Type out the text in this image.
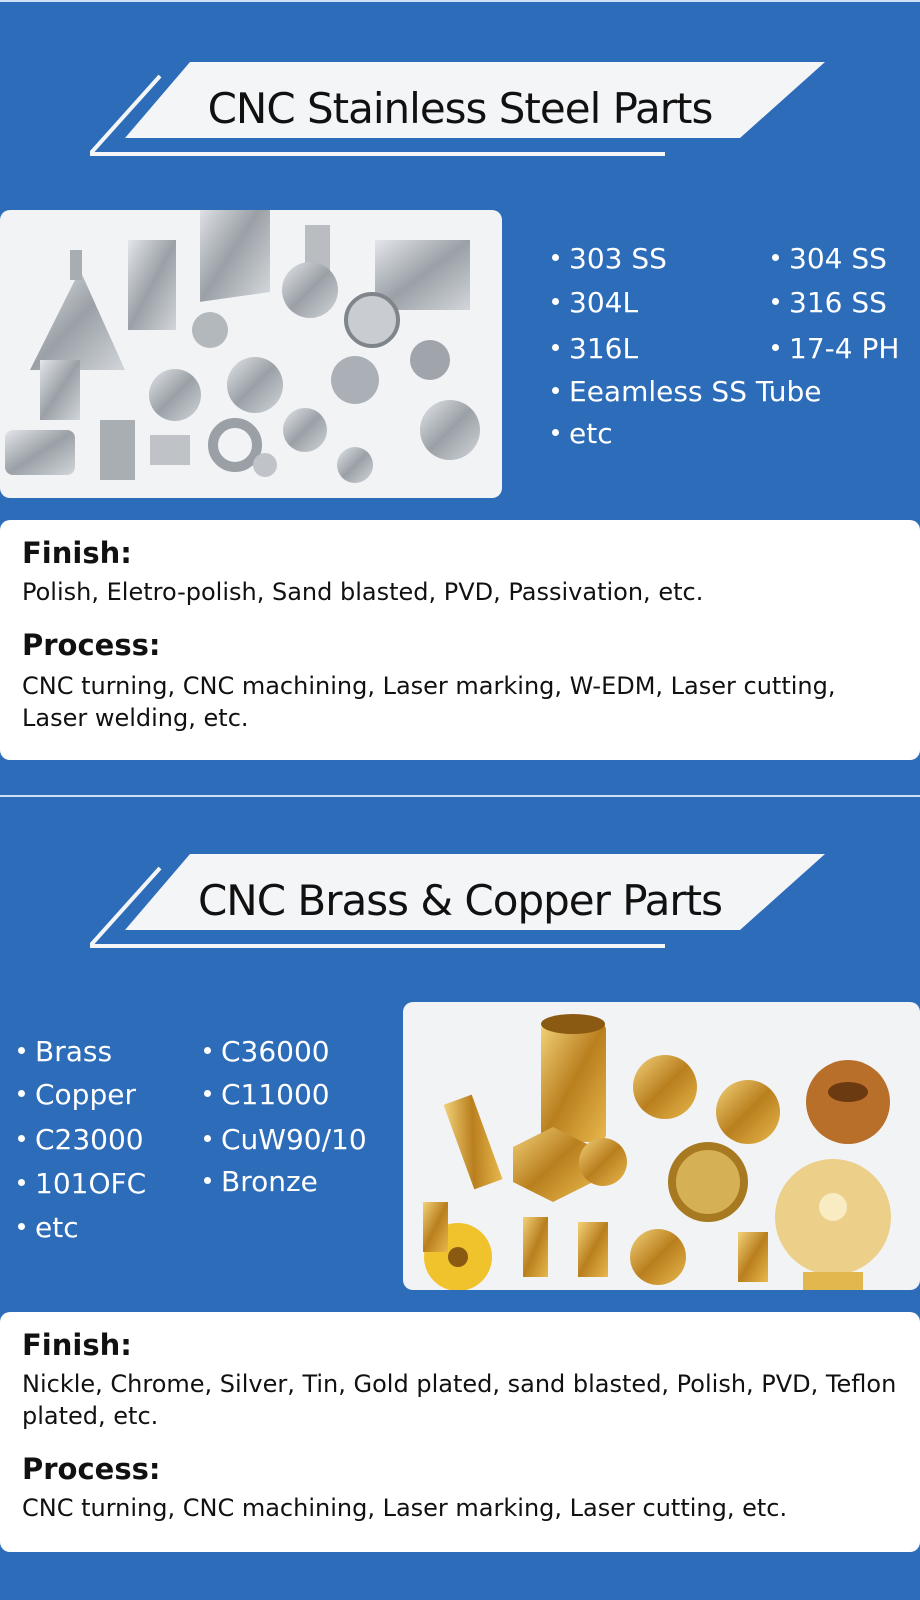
CNC Stainless Steel Parts
303 SS	304 SS
304L	316 SS
316L	17-4 PH
Eeamless SS Tube
etc
Finish:

Polish, Eletro-polish, Sand blasted, PVD, Passivation, etc.

Process:

CNC turning, CNC machining, Laser marking, W-EDM, Laser cutting, Laser welding, etc.

CNC Brass & Copper Parts
Brass	C36000
Copper	C11000
C23000	CuW90/10
101OFC	Bronze
etc
Finish:

Nickle, Chrome, Silver, Tin, Gold plated, sand blasted, Polish, PVD, Teflon plated, etc.

Process:

CNC turning, CNC machining, Laser marking, Laser cutting, etc.
